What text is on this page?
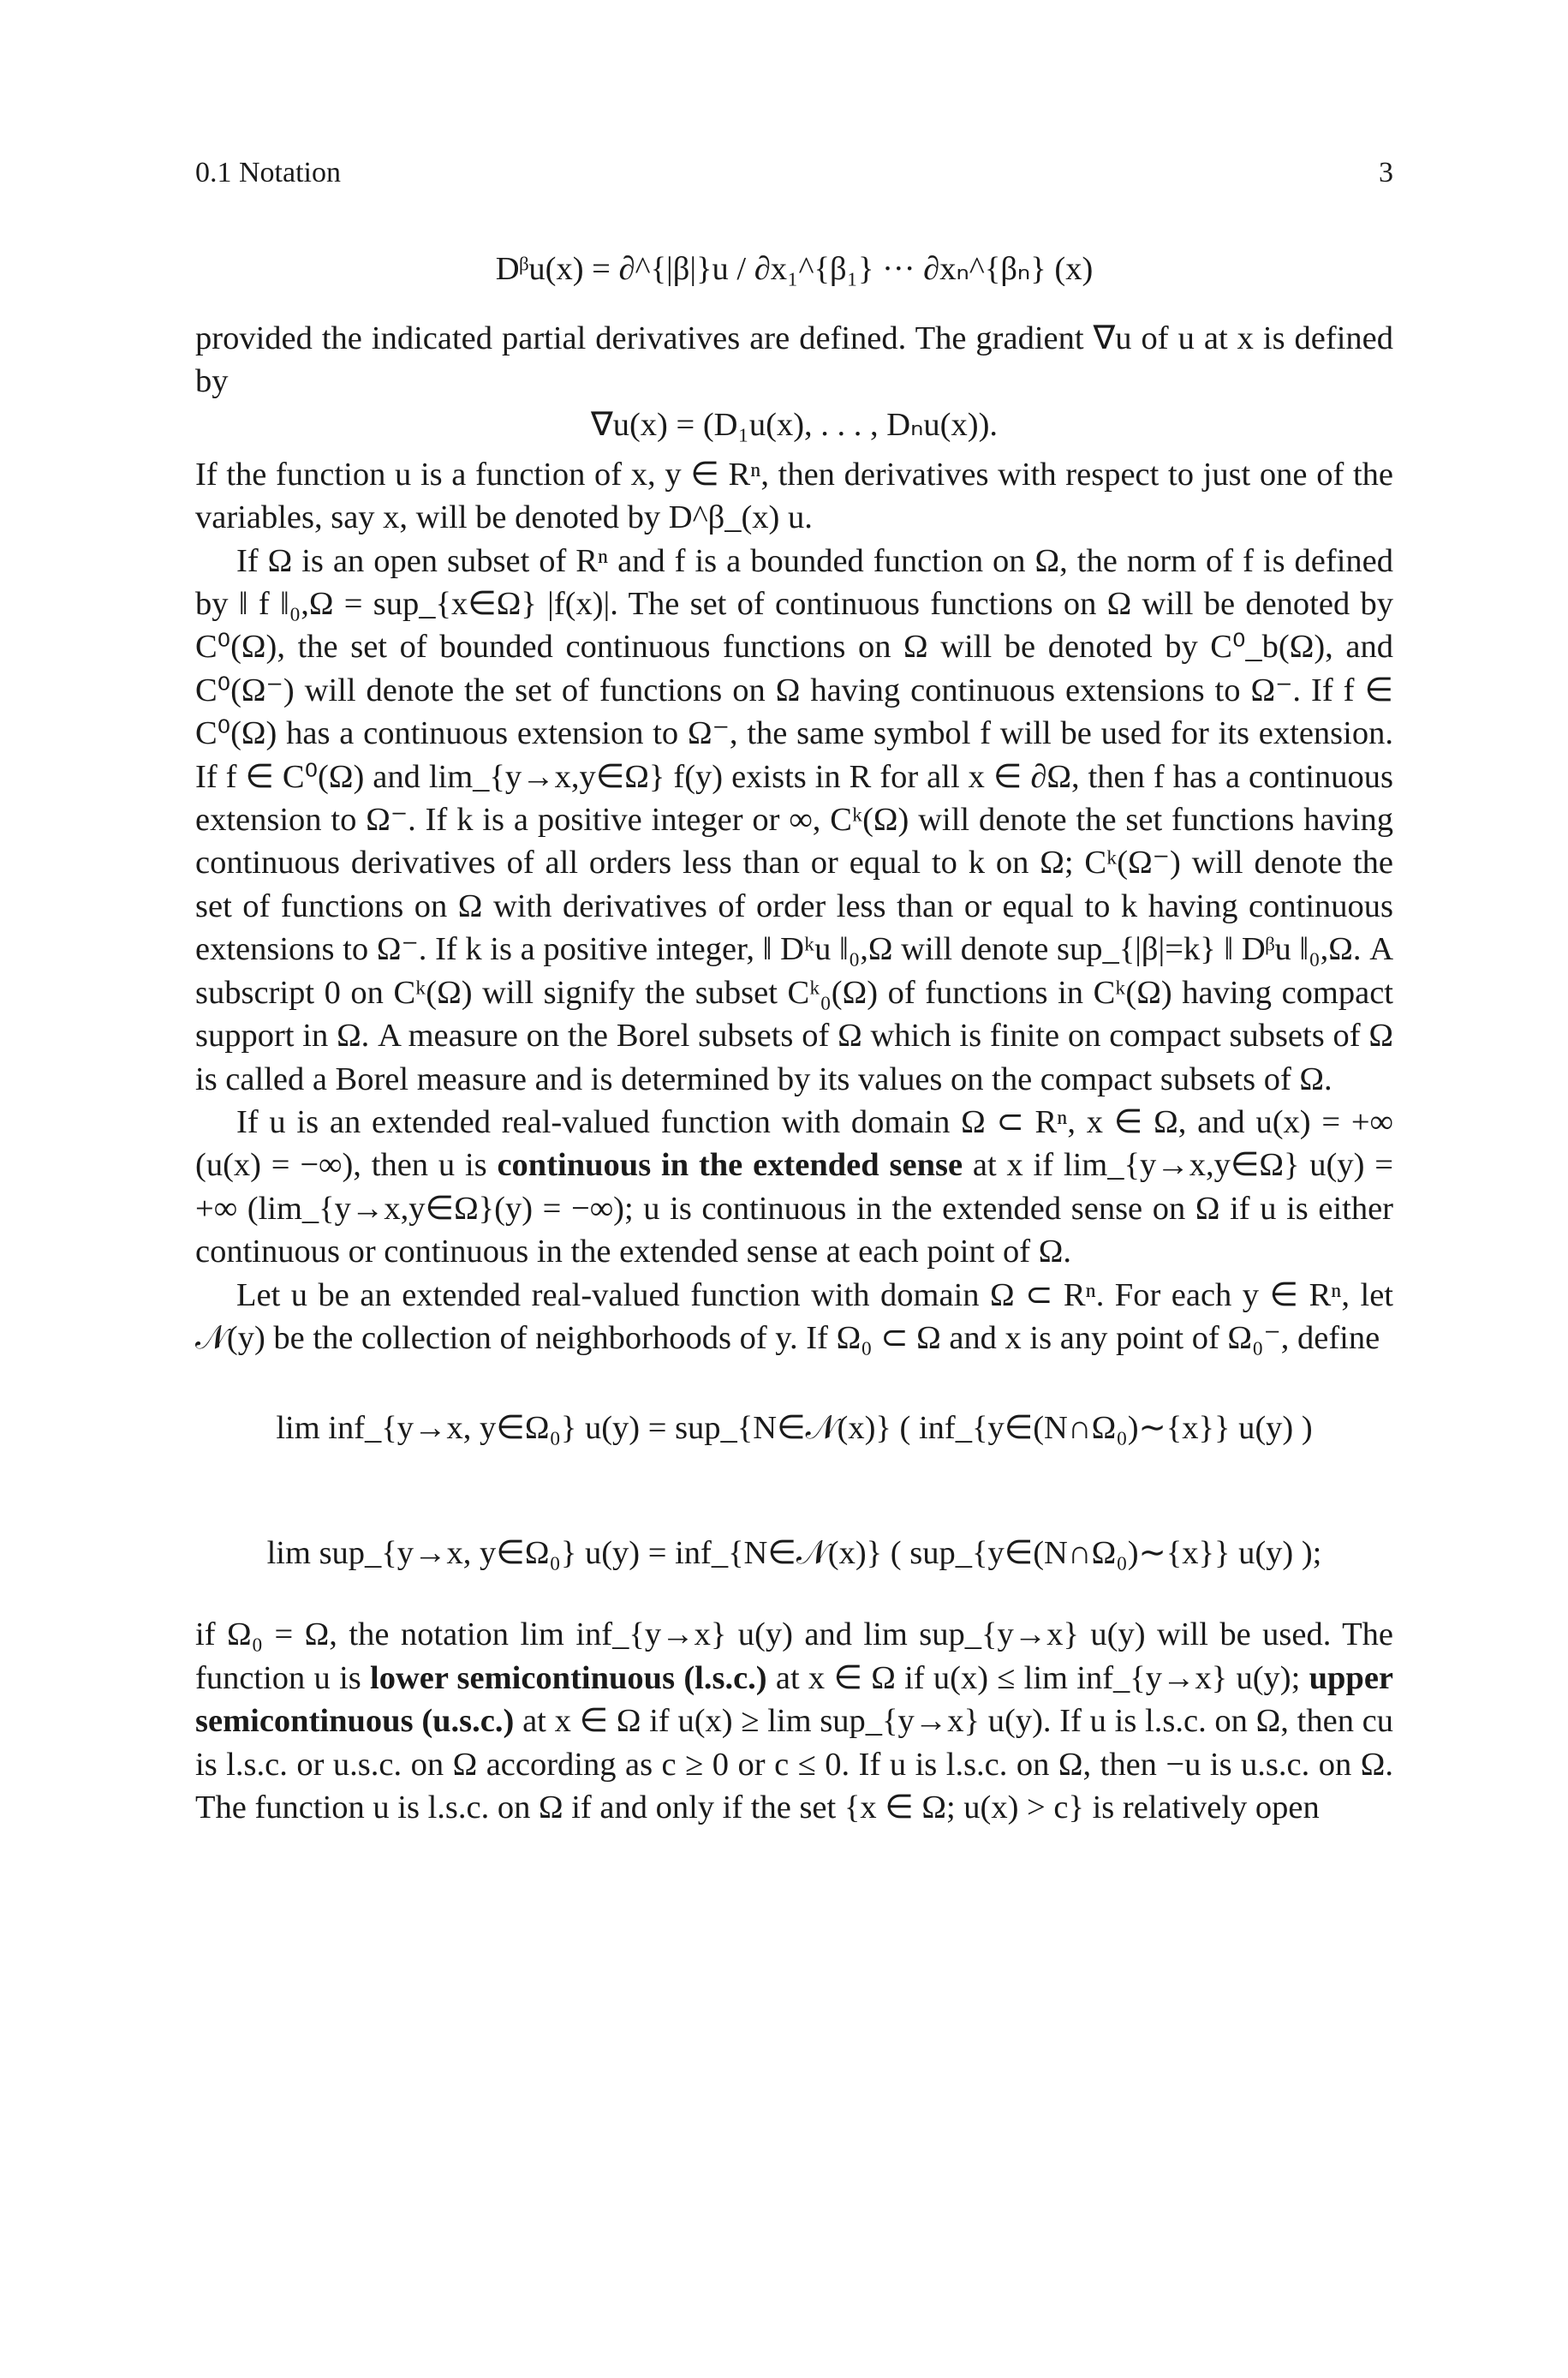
0.1 Notation	3
Dᵝu(x) = ∂^{|β|}u / ∂x₁^{β₁} ··· ∂xₙ^{βₙ} (x)

provided the indicated partial derivatives are defined. The gradient ∇u of u at x is defined by

∇u(x) = (D₁u(x), . . . , Dₙu(x)).

If the function u is a function of x, y ∈ Rⁿ, then derivatives with respect to just one of the variables, say x, will be denoted by D^β_(x) u.

If Ω is an open subset of Rⁿ and f is a bounded function on Ω, the norm of f is defined by ‖ f ‖₀,Ω = sup_{x∈Ω} |f(x)|. The set of continuous functions on Ω will be denoted by C⁰(Ω), the set of bounded continuous functions on Ω will be denoted by C⁰_b(Ω), and C⁰(Ω⁻) will denote the set of functions on Ω having continuous extensions to Ω⁻. If f ∈ C⁰(Ω) has a continuous extension to Ω⁻, the same symbol f will be used for its extension. If f ∈ C⁰(Ω) and lim_{y→x,y∈Ω} f(y) exists in R for all x ∈ ∂Ω, then f has a continuous extension to Ω⁻. If k is a positive integer or ∞, Cᵏ(Ω) will denote the set functions having continuous derivatives of all orders less than or equal to k on Ω; Cᵏ(Ω⁻) will denote the set of functions on Ω with derivatives of order less than or equal to k having continuous extensions to Ω⁻. If k is a positive integer, ‖ Dᵏu ‖₀,Ω will denote sup_{|β|=k} ‖ Dᵝu ‖₀,Ω. A subscript 0 on Cᵏ(Ω) will signify the subset Cᵏ₀(Ω) of functions in Cᵏ(Ω) having compact support in Ω. A measure on the Borel subsets of Ω which is finite on compact subsets of Ω is called a Borel measure and is determined by its values on the compact subsets of Ω.

If u is an extended real-valued function with domain Ω ⊂ Rⁿ, x ∈ Ω, and u(x) = +∞ (u(x) = −∞), then u is continuous in the extended sense at x if lim_{y→x,y∈Ω} u(y) = +∞ (lim_{y→x,y∈Ω}(y) = −∞); u is continuous in the extended sense on Ω if u is either continuous or continuous in the extended sense at each point of Ω.

Let u be an extended real-valued function with domain Ω ⊂ Rⁿ. For each y ∈ Rⁿ, let 𝒩(y) be the collection of neighborhoods of y. If Ω₀ ⊂ Ω and x is any point of Ω₀⁻, define

lim inf_{y→x, y∈Ω₀} u(y) = sup_{N∈𝒩(x)} ( inf_{y∈(N∩Ω₀)∼{x}} u(y) )
lim sup_{y→x, y∈Ω₀} u(y) = inf_{N∈𝒩(x)} ( sup_{y∈(N∩Ω₀)∼{x}} u(y) );

if Ω₀ = Ω, the notation lim inf_{y→x} u(y) and lim sup_{y→x} u(y) will be used. The function u is lower semicontinuous (l.s.c.) at x ∈ Ω if u(x) ≤ lim inf_{y→x} u(y); upper semicontinuous (u.s.c.) at x ∈ Ω if u(x) ≥ lim sup_{y→x} u(y). If u is l.s.c. on Ω, then cu is l.s.c. or u.s.c. on Ω according as c ≥ 0 or c ≤ 0. If u is l.s.c. on Ω, then −u is u.s.c. on Ω. The function u is l.s.c. on Ω if and only if the set {x ∈ Ω; u(x) > c} is relatively open
